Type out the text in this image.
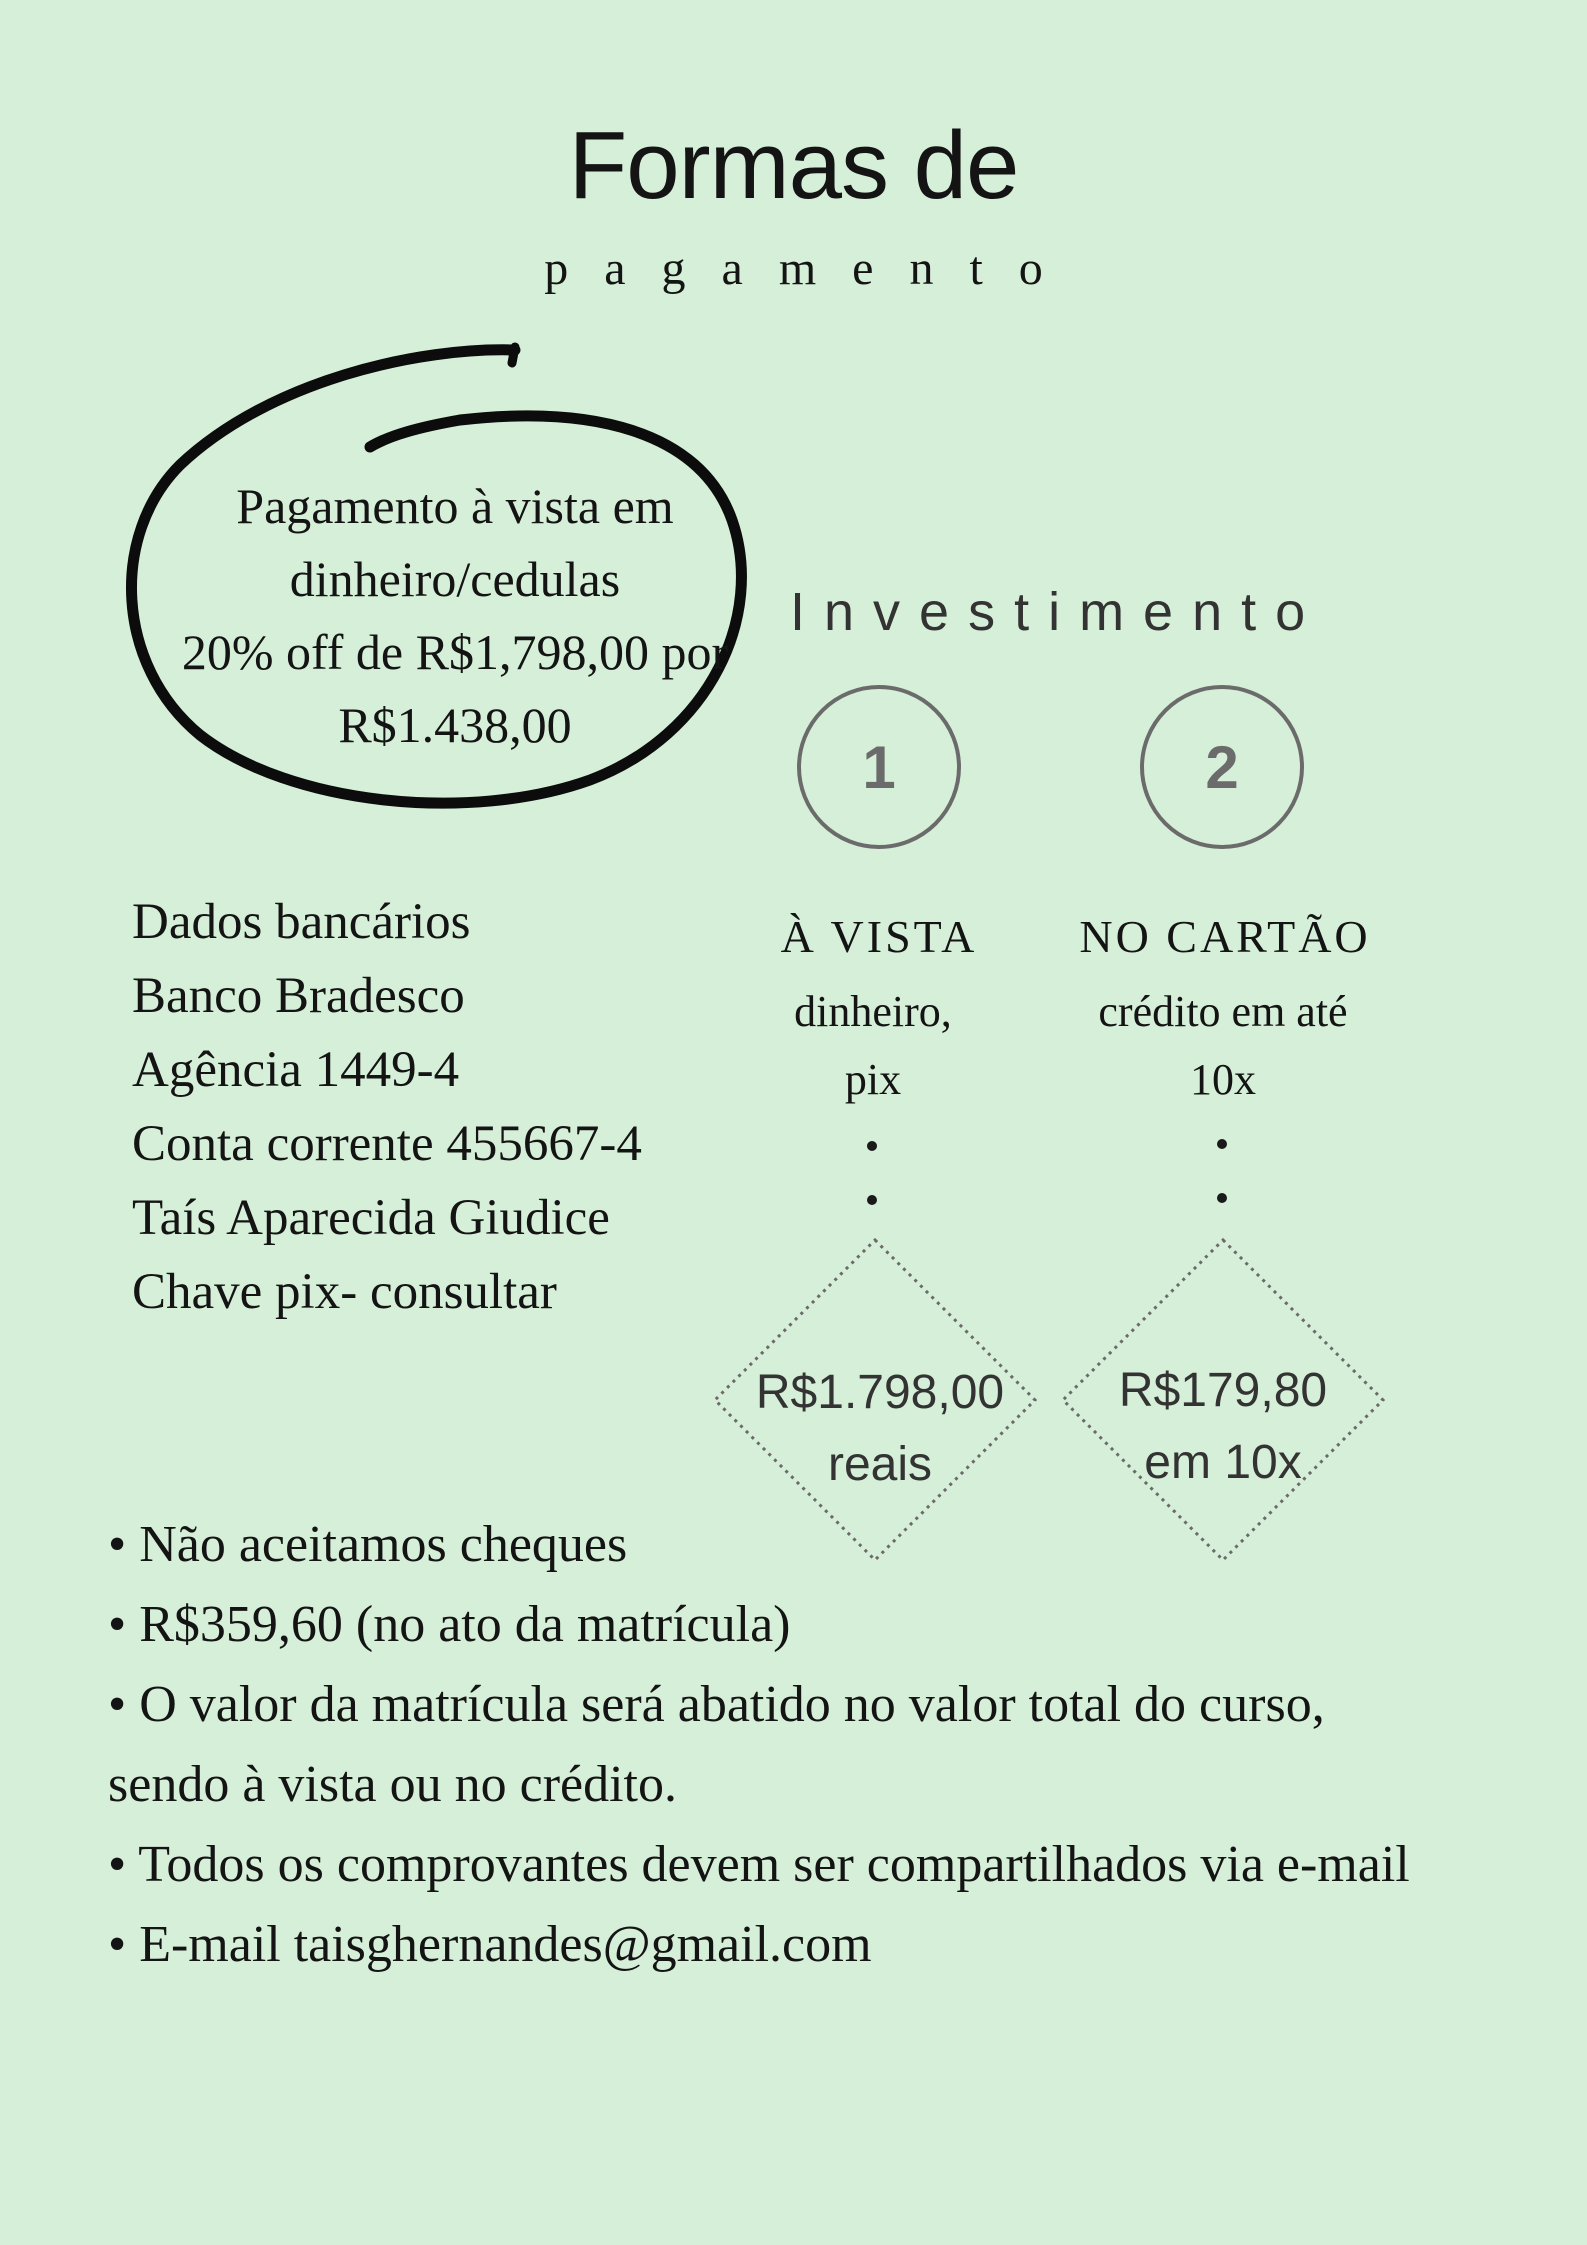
Formas de
pagamento
Pagamento à vista em
dinheiro/cedulas
20% off de R$1,798,00 por
R$1.438,00
Investimento
1	2
Dados bancários
Banco Bradesco
Agência 1449-4
Conta corrente 455667-4
Taís Aparecida Giudice
Chave pix- consultar
À VISTA
dinheiro,
pix
NO CARTÃO
crédito em até
10x
R$1.798,00
reais
R$179,80
em 10x
• Não aceitamos cheques
• R$359,60 (no ato da matrícula)
• O valor da matrícula será abatido no valor total do curso, sendo à vista ou no crédito.
• Todos os comprovantes devem ser compartilhados via e-mail
• E-mail taisghernandes@gmail.com
